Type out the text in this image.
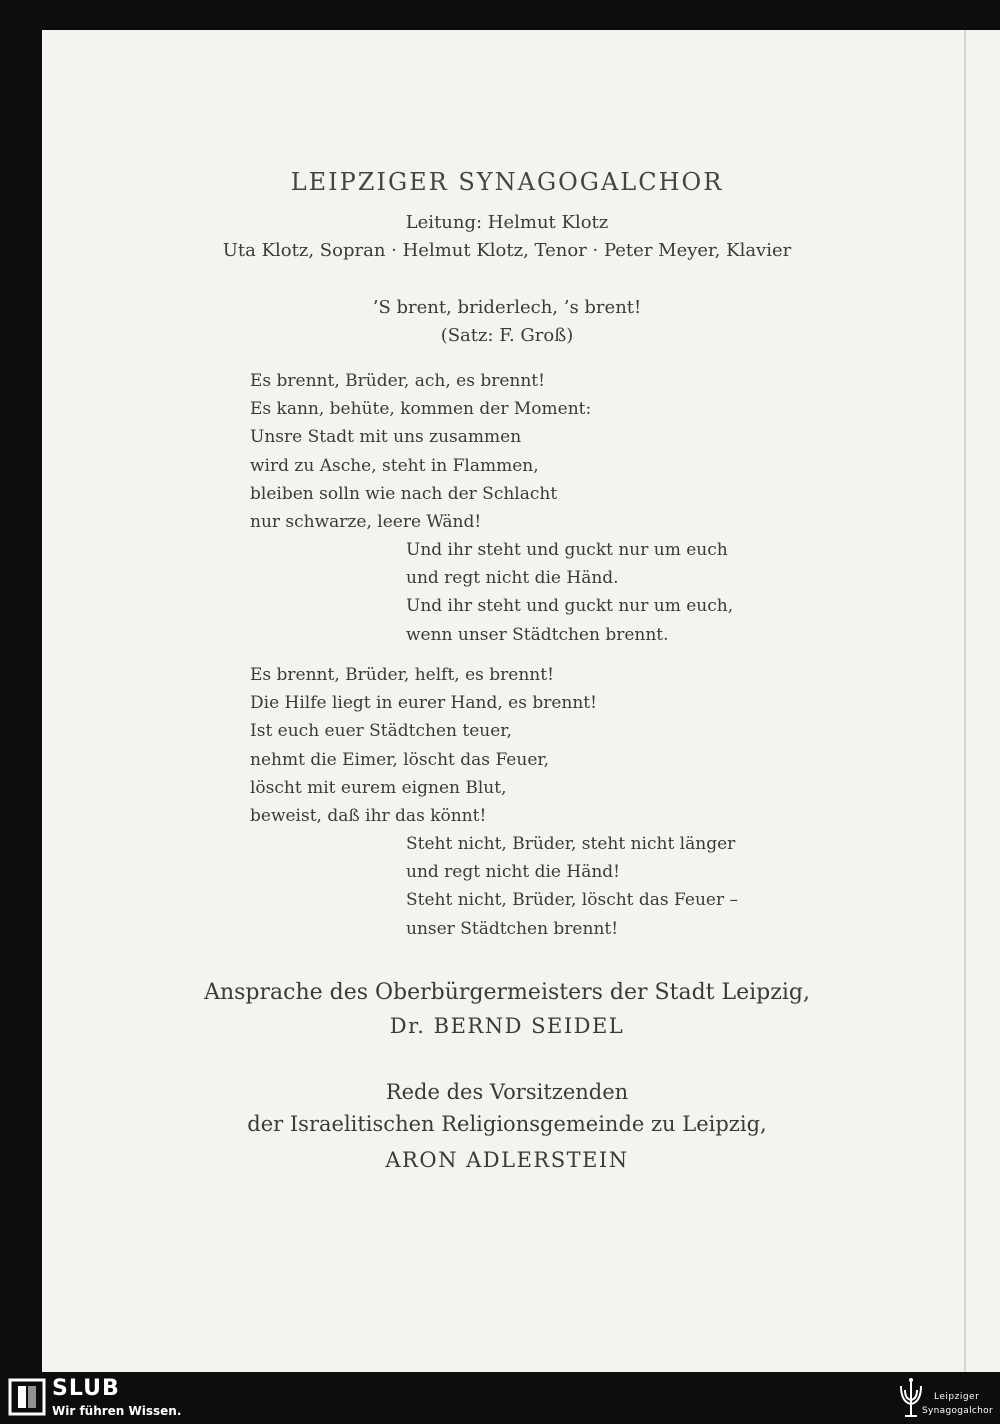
LEIPZIGER SYNAGOGALCHOR
Leitung: Helmut Klotz
Uta Klotz, Sopran · Helmut Klotz, Tenor · Peter Meyer, Klavier
’S brent, briderlech, ’s brent!
(Satz: F. Groß)
Es brennt, Brüder, ach, es brennt!
Es kann, behüte, kommen der Moment:
Unsre Stadt mit uns zusammen
wird zu Asche, steht in Flammen,
bleiben solln wie nach der Schlacht
nur schwarze, leere Wänd!
Und ihr steht und guckt nur um euch
und regt nicht die Händ.
Und ihr steht und guckt nur um euch,
wenn unser Städtchen brennt.
Es brennt, Brüder, helft, es brennt!
Die Hilfe liegt in eurer Hand, es brennt!
Ist euch euer Städtchen teuer,
nehmt die Eimer, löscht das Feuer,
löscht mit eurem eignen Blut,
beweist, daß ihr das könnt!
Steht nicht, Brüder, steht nicht länger
und regt nicht die Händ!
Steht nicht, Brüder, löscht das Feuer –
unser Städtchen brennt!
Ansprache des Oberbürgermeisters der Stadt Leipzig,
Dr. BERND SEIDEL
Rede des Vorsitzenden
der Israelitischen Religionsgemeinde zu Leipzig,
ARON ADLERSTEIN
SLUB
Wir führen Wissen.
Leipziger
Synagogalchor
